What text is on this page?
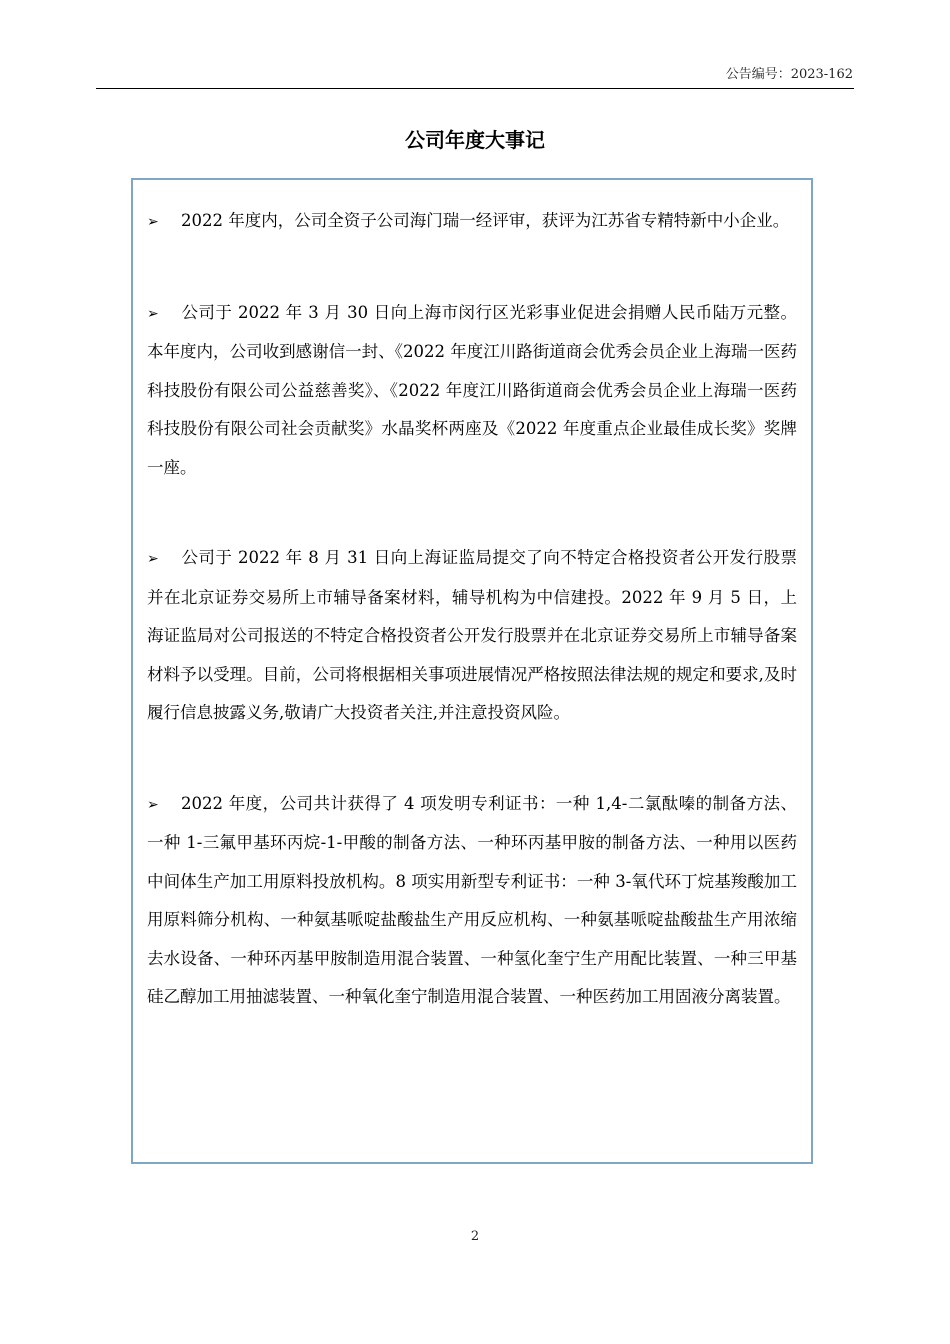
公告编号：2023-162
公司年度大事记

➢ 2022 年度内，公司全资子公司海门瑞一经评审，获评为江苏省专精特新中小企业。

➢ 公司于 2022 年 3 月 30 日向上海市闵行区光彩事业促进会捐赠人民币陆万元整。本年度内，公司收到感谢信一封、《2022 年度江川路街道商会优秀会员企业上海瑞一医药科技股份有限公司公益慈善奖》、《2022 年度江川路街道商会优秀会员企业上海瑞一医药科技股份有限公司社会贡献奖》水晶奖杯两座及《2022 年度重点企业最佳成长奖》奖牌一座。

➢ 公司于 2022 年 8 月 31 日向上海证监局提交了向不特定合格投资者公开发行股票并在北京证券交易所上市辅导备案材料，辅导机构为中信建投。2022 年 9 月 5 日，上海证监局对公司报送的不特定合格投资者公开发行股票并在北京证券交易所上市辅导备案材料予以受理。目前，公司将根据相关事项进展情况严格按照法律法规的规定和要求,及时履行信息披露义务,敬请广大投资者关注,并注意投资风险。

➢ 2022 年度，公司共计获得了 4 项发明专利证书：一种 1,4-二氯酞嗪的制备方法、一种 1-三氟甲基环丙烷-1-甲酸的制备方法、一种环丙基甲胺的制备方法、一种用以医药中间体生产加工用原料投放机构。8 项实用新型专利证书：一种 3-氧代环丁烷基羧酸加工用原料筛分机构、一种氨基哌啶盐酸盐生产用反应机构、一种氨基哌啶盐酸盐生产用浓缩去水设备、一种环丙基甲胺制造用混合装置、一种氢化奎宁生产用配比装置、一种三甲基硅乙醇加工用抽滤装置、一种氧化奎宁制造用混合装置、一种医药加工用固液分离装置。

2
